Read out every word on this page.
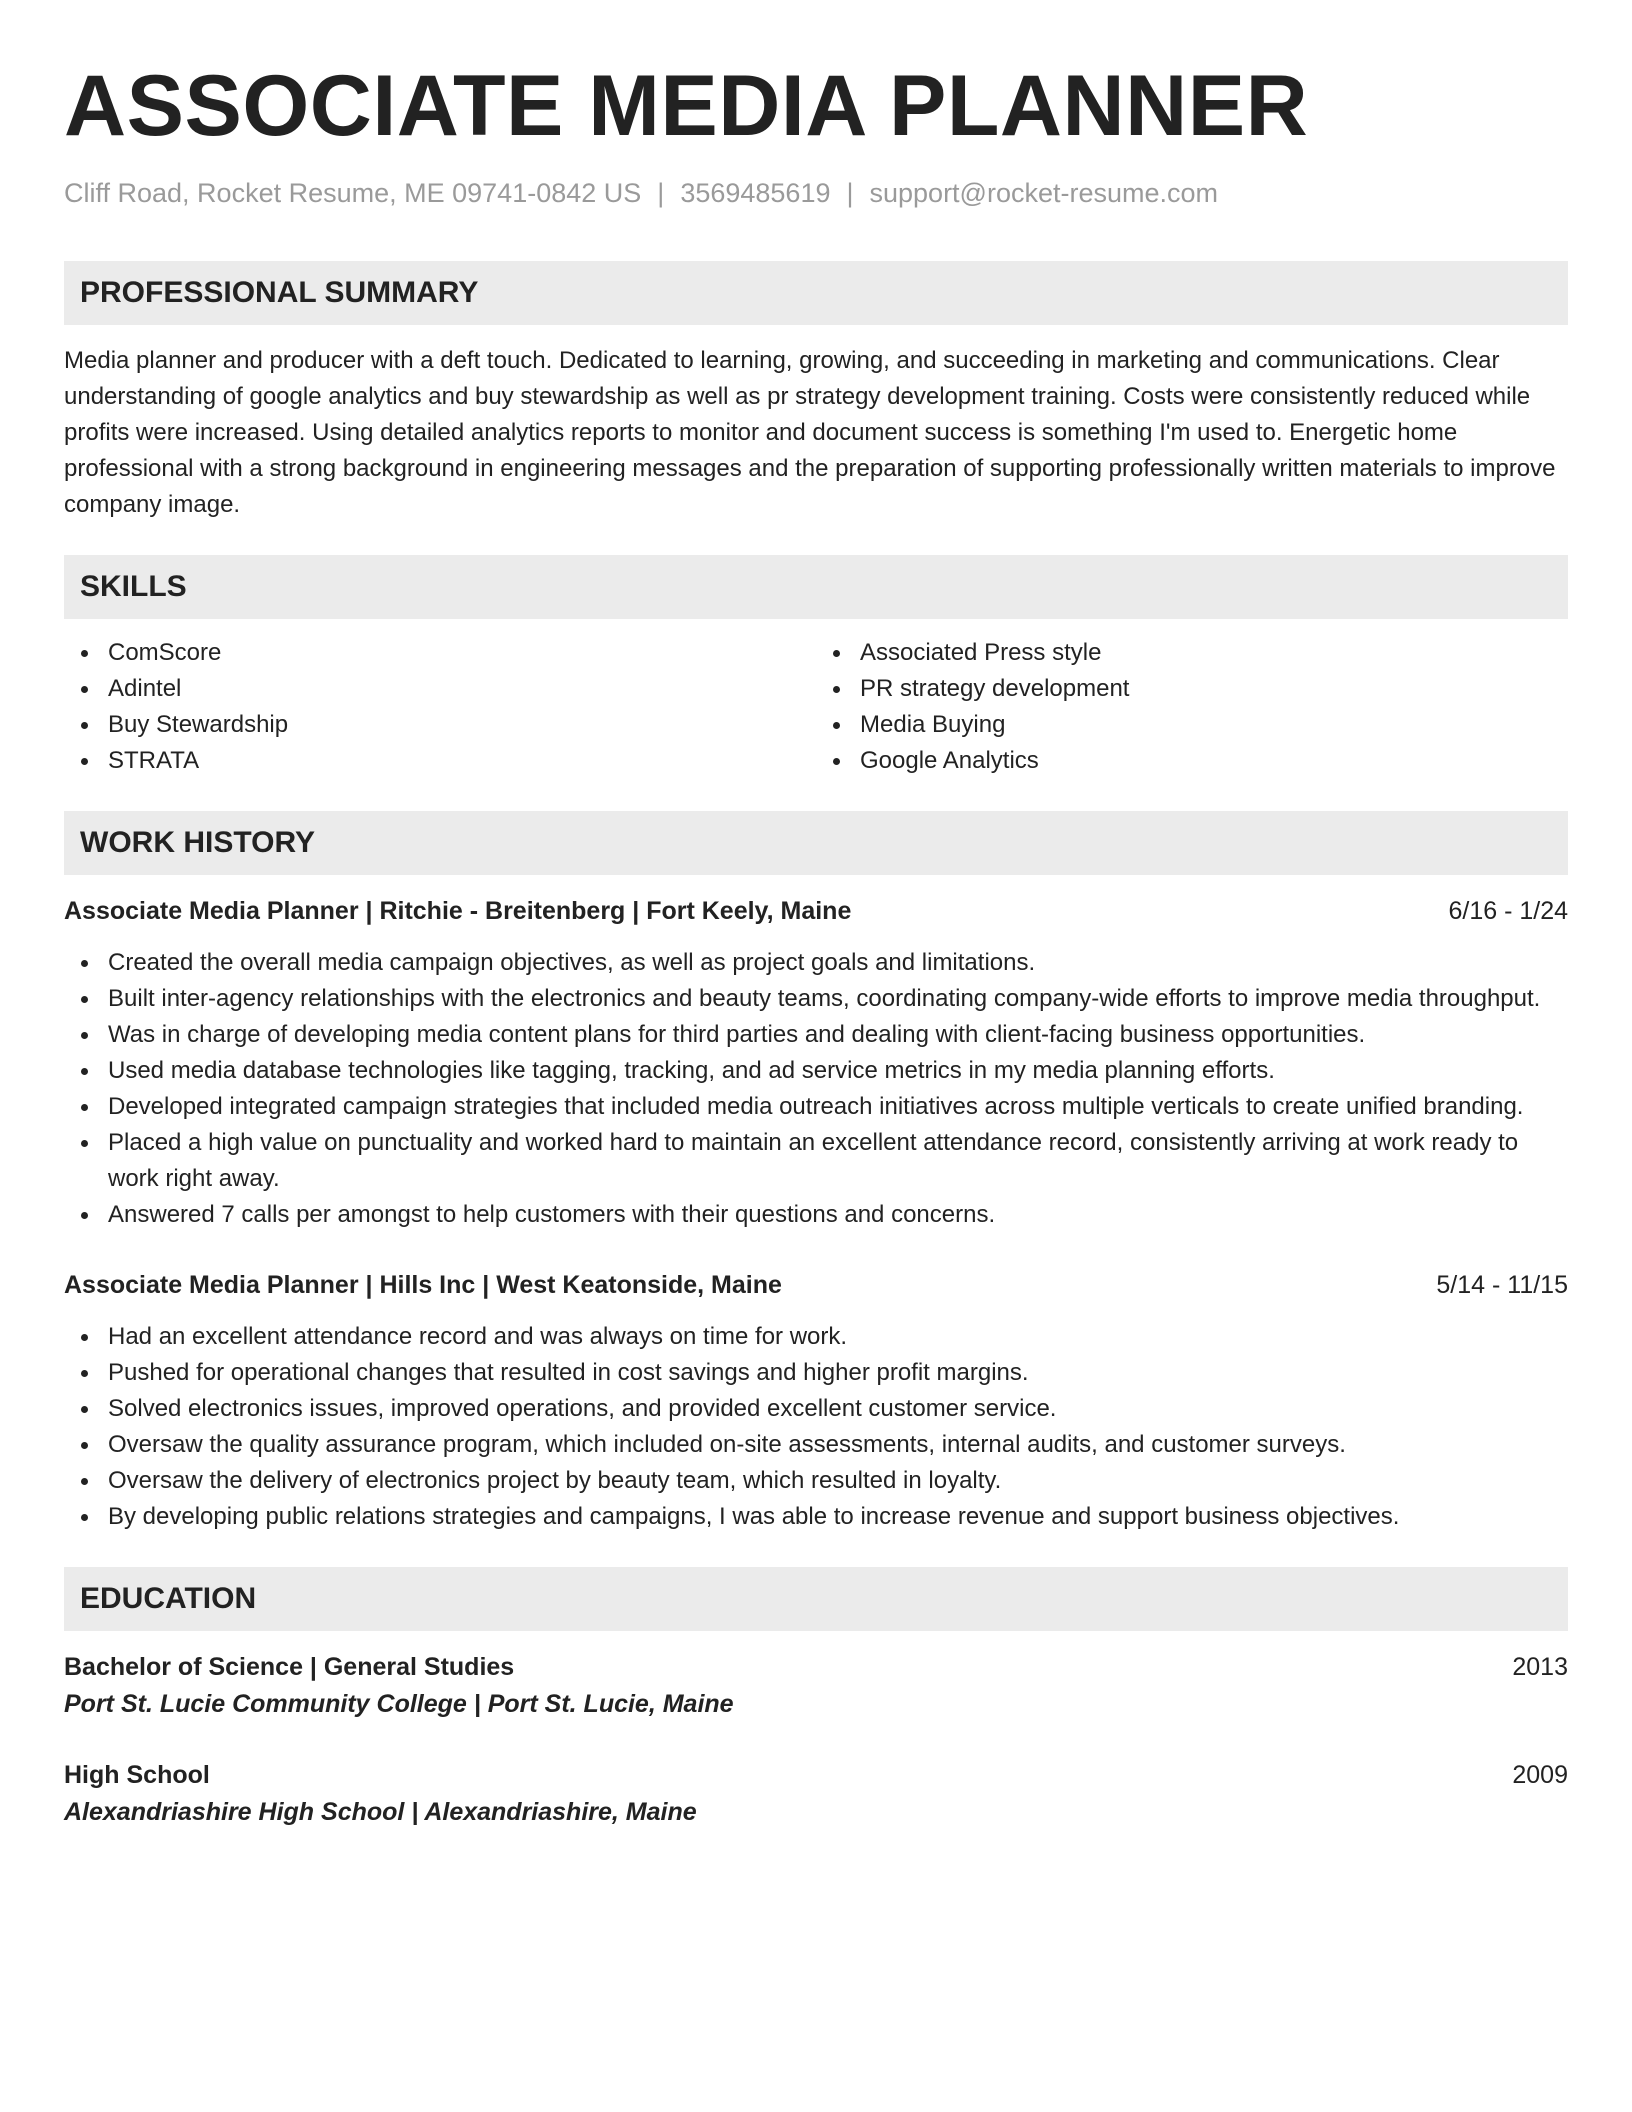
ASSOCIATE MEDIA PLANNER
Cliff Road, Rocket Resume, ME 09741-0842 US | 3569485619 | support@rocket-resume.com
PROFESSIONAL SUMMARY

Media planner and producer with a deft touch. Dedicated to learning, growing, and succeeding in marketing and communications. Clear understanding of google analytics and buy stewardship as well as pr strategy development training. Costs were consistently reduced while profits were increased. Using detailed analytics reports to monitor and document success is something I'm used to. Energetic home professional with a strong background in engineering messages and the preparation of supporting professionally written materials to improve company image.

SKILLS
ComScore
Adintel
Buy Stewardship
STRATA
Associated Press style
PR strategy development
Media Buying
Google Analytics
WORK HISTORY
Associate Media Planner | Ritchie - Breitenberg | Fort Keely, Maine	6/16 - 1/24
Created the overall media campaign objectives, as well as project goals and limitations.
Built inter-agency relationships with the electronics and beauty teams, coordinating company-wide efforts to improve media throughput.
Was in charge of developing media content plans for third parties and dealing with client-facing business opportunities.
Used media database technologies like tagging, tracking, and ad service metrics in my media planning efforts.
Developed integrated campaign strategies that included media outreach initiatives across multiple verticals to create unified branding.
Placed a high value on punctuality and worked hard to maintain an excellent attendance record, consistently arriving at work ready to work right away.
Answered 7 calls per amongst to help customers with their questions and concerns.
Associate Media Planner | Hills Inc | West Keatonside, Maine	5/14 - 11/15
Had an excellent attendance record and was always on time for work.
Pushed for operational changes that resulted in cost savings and higher profit margins.
Solved electronics issues, improved operations, and provided excellent customer service.
Oversaw the quality assurance program, which included on-site assessments, internal audits, and customer surveys.
Oversaw the delivery of electronics project by beauty team, which resulted in loyalty.
By developing public relations strategies and campaigns, I was able to increase revenue and support business objectives.
EDUCATION
Bachelor of Science | General Studies	2013
Port St. Lucie Community College | Port St. Lucie, Maine
High School	2009
Alexandriashire High School | Alexandriashire, Maine
